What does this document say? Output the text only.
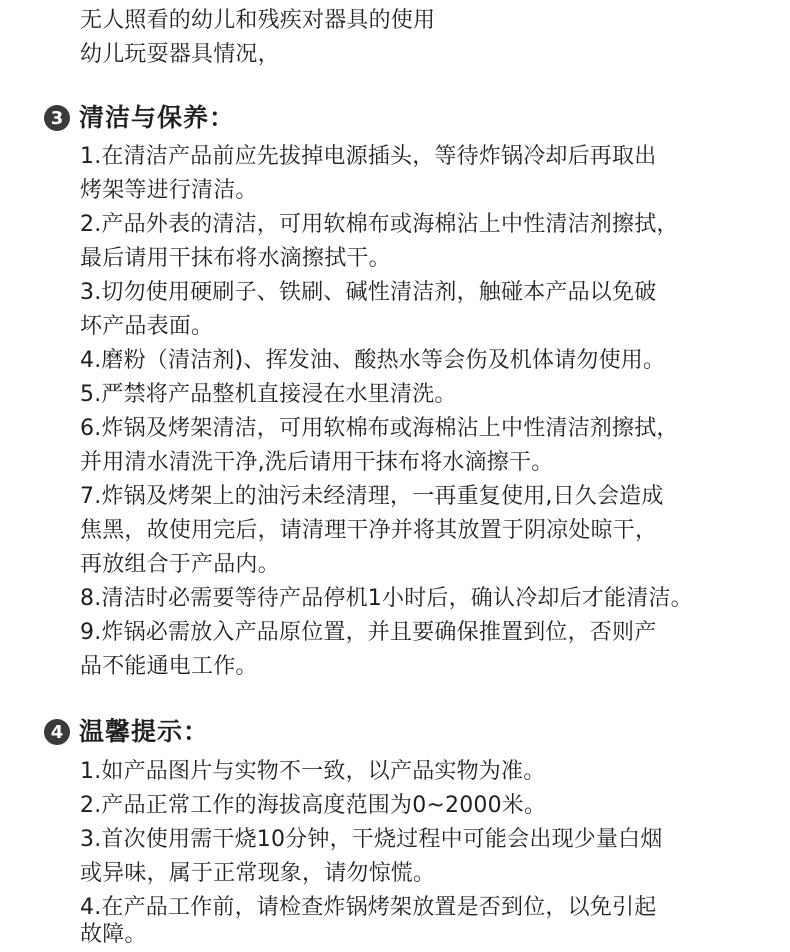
无人照看的幼儿和残疾对器具的使用
幼儿玩耍器具情况，
3 清洁与保养：
1.在清洁产品前应先拔掉电源插头，等待炸锅冷却后再取出
烤架等进行清洁。
2.产品外表的清洁，可用软棉布或海棉沾上中性清洁剂擦拭，
最后请用干抹布将水滴擦拭干。
3.切勿使用硬刷子、铁刷、碱性清洁剂，触碰本产品以免破
坏产品表面。
4.磨粉（清洁剂)、挥发油、酸热水等会伤及机体请勿使用。
5.严禁将产品整机直接浸在水里清洗。
6.炸锅及烤架清洁，可用软棉布或海棉沾上中性清洁剂擦拭，
并用清水清洗干净,洗后请用干抹布将水滴擦干。
7.炸锅及烤架上的油污未经清理，一再重复使用,日久会造成
焦黑，故使用完后，请清理干净并将其放置于阴凉处晾干，
再放组合于产品内。
8.清洁时必需要等待产品停机1小时后，确认冷却后才能清洁。
9.炸锅必需放入产品原位置，并且要确保推置到位，否则产
品不能通电工作。
4 温馨提示：
1.如产品图片与实物不一致，以产品实物为准。
2.产品正常工作的海拔高度范围为0~2000米。
3.首次使用需干烧10分钟，干烧过程中可能会出现少量白烟
或异味，属于正常现象，请勿惊慌。
4.在产品工作前，请检查炸锅烤架放置是否到位，以免引起
故障。
